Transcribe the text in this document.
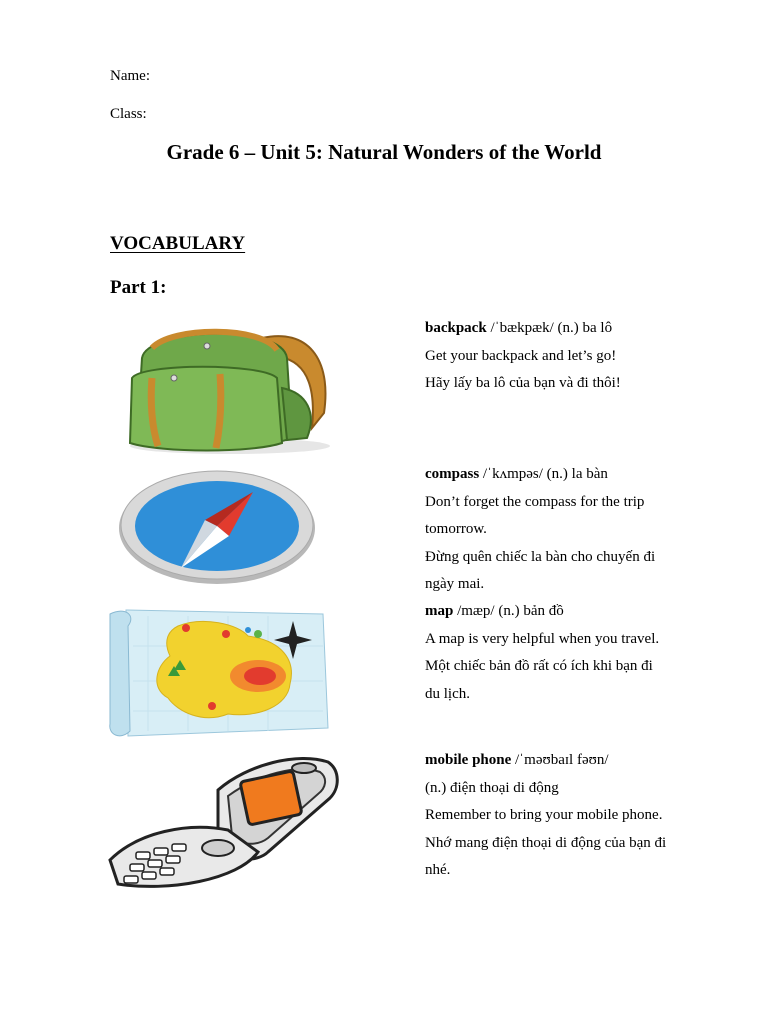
Name:
Class:
Grade 6 – Unit 5: Natural Wonders of the World
VOCABULARY
Part 1:
backpack /ˈbækpæk/ (n.) ba lô
Get your backpack and let’s go!
Hãy lấy ba lô của bạn và đi thôi!
compass /ˈkʌmpəs/ (n.) la bàn
Don’t forget the compass for the trip
tomorrow.
Đừng quên chiếc la bàn cho chuyến đi
ngày mai.
map /mæp/ (n.) bản đồ
A map is very helpful when you travel.
Một chiếc bản đồ rất có ích khi bạn đi
du lịch.
mobile phone /ˈməʊbaɪl fəʊn/
(n.) điện thoại di động
Remember to bring your mobile phone.
Nhớ mang điện thoại di động của bạn đi
nhé.
